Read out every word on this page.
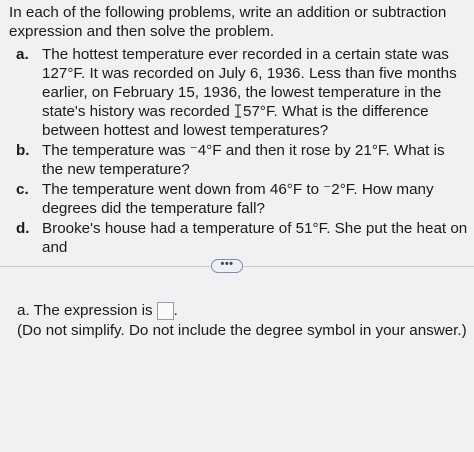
In each of the following problems, write an addition or subtraction expression and then solve the problem.
a. The hottest temperature ever recorded in a certain state was 127°F. It was recorded on July 6, 1936. Less than five months earlier, on February 15, 1936, the lowest temperature in the state's history was recorded 57°F. What is the difference between hottest and lowest temperatures?
b. The temperature was ⁻4°F and then it rose by 21°F. What is the new temperature?
c. The temperature went down from 46°F to ⁻2°F. How many degrees did the temperature fall?
d. Brooke's house had a temperature of 51°F. She put the heat on and
•••
a. The expression is .
(Do not simplify. Do not include the degree symbol in your answer.)
